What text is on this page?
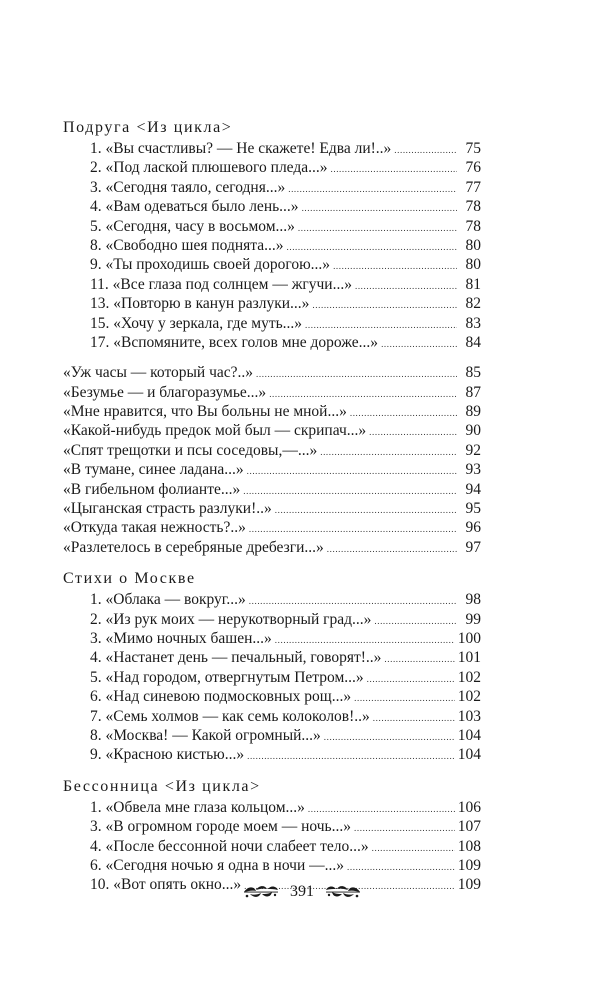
Подруга <Из цикла>
1. «Вы счастливы? — Не скажете! Едва ли!..» .....	75
2. «Под лаской плюшевого пледа...» .....	76
3. «Сегодня таяло, сегодня...» .....	77
4. «Вам одеваться было лень...» .....	78
5. «Сегодня, часу в восьмом...» .....	78
8. «Свободно шея поднята...» .....	80
9. «Ты проходишь своей дорогою...» .....	80
11. «Все глаза под солнцем — жгучи...» .....	81
13. «Повторю в канун разлуки...» .....	82
15. «Хочу у зеркала, где муть...» .....	83
17. «Вспомяните, всех голов мне дороже...» .....	84
«Уж часы — который час?..» .....	85
«Безумье — и благоразумье...» .....	87
«Мне нравится, что Вы больны не мной...» .....	89
«Какой-нибудь предок мой был — скрипач...» .....	90
«Спят трещотки и псы соседовы,—...» .....	92
«В тумане, синее ладана...» .....	93
«В гибельном фолианте...» .....	94
«Цыганская страсть разлуки!..» .....	95
«Откуда такая нежность?..» .....	96
«Разлетелось в серебряные дребезги...» .....	97
Стихи о Москве
1. «Облака — вокруг...» .....	98
2. «Из рук моих — нерукотворный град...» .....	99
3. «Мимо ночных башен...» .....	100
4. «Настанет день — печальный, говорят!..» .....	101
5. «Над городом, отвергнутым Петром...» .....	102
6. «Над синевою подмосковных рощ...» .....	102
7. «Семь холмов — как семь колоколов!..» .....	103
8. «Москва! — Какой огромный...» .....	104
9. «Красною кистью...» .....	104
Бессонница <Из цикла>
1. «Обвела мне глаза кольцом...» .....	106
3. «В огромном городе моем — ночь...» .....	107
4. «После бессонной ночи слабеет тело...» .....	108
6. «Сегодня ночью я одна в ночи —...» .....	109
10. «Вот опять окно...» .....	109
391
